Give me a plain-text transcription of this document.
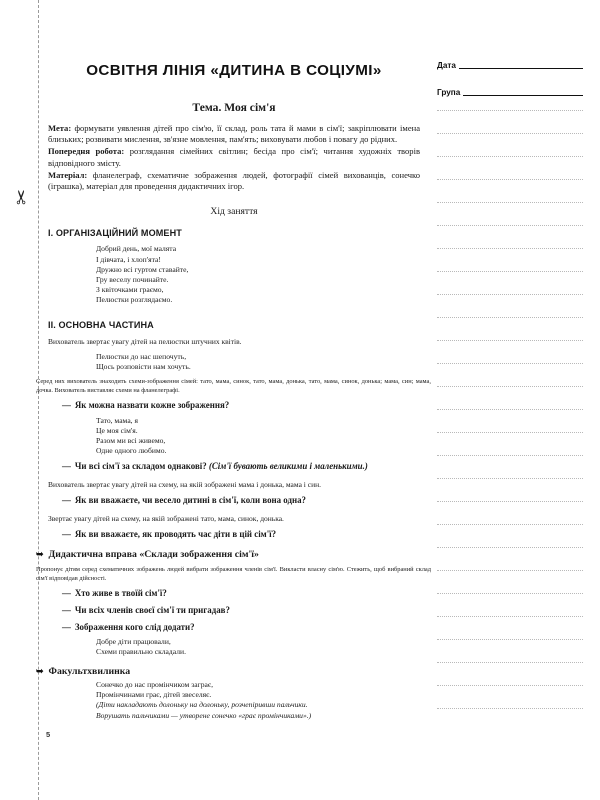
✂
ОСВІТНЯ ЛІНІЯ «ДИТИНА В СОЦІУМІ»
Тема. Моя сім'я

Мета: формувати уявлення дітей про сім'ю, її склад, роль тата й мами в сім'ї; закріплювати імена близьких; розвивати мислення, зв'язне мовлення, пам'ять; виховувати любов і повагу до рідних.

Попередня робота: розглядання сімейних світлин; бесіда про сім'ї; читання художніх творів відповідного змісту.

Матеріал: фланелеграф, схематичне зображення людей, фотографії сімей вихованців, сонечко (іграшка), матеріал для проведення дидактичних ігор.

Хід заняття
I. ОРГАНІЗАЦІЙНИЙ МОМЕНТ
Добрий день, мої малята
І дівчата, і хлоп'ята!
Дружно всі гуртом ставайте,
Гру веселу починайте.
З квіточками граємо,
Пелюстки розглядаємо.
II. ОСНОВНА ЧАСТИНА

Вихователь звертає увагу дітей на пелюстки штучних квітів.

Пелюстки до нас шепочуть,
Щось розповісти нам хочуть.

Серед них вихователь знаходить схеми-зображення сімей: тато, мама, синок, тато, мама, донька, тато, мама, синок, донька; мама, син; мама, дочка. Вихователь виставляє схеми на фланелеграфі.

— Як можна назвати кожне зображення?

Тато, мама, я
Це моя сім'я.
Разом ми всі живемо,
Одне одного любимо.

— Чи всі сім'ї за складом однакові? (Сім'ї бувають великими і маленькими.)

Вихователь звертає увагу дітей на схему, на якій зображені мама і донька, мама і син.

— Як ви вважаєте, чи весело дитині в сім'ї, коли вона одна?

Звертає увагу дітей на схему, на якій зображені тато, мама, синок, донька.

— Як ви вважаєте, як проводять час діти в цій сім'ї?

➥ Дидактична вправа «Склади зображення сім'ї»

Пропонує дітям серед схематичних зображень людей вибрати зображення членів сім'ї. Викласти власну сім'ю. Стежить, щоб вибраний склад сім'ї відповідав дійсності.

— Хто живе в твоїй сім'ї?

— Чи всіх членів своєї сім'ї ти пригадав?

— Зображення кого слід додати?

Добре діти працювали,
Схеми правильно складали.
➥ Факультхвилинка
Сонечко до нас промінчиком заграє,
Промінчинами грає, дітей звеселяє.
(Діти накладають долоньку на долоньку, розчепіривши пальчики.
Ворушать пальчиками — утворене сонечко «грає промінчиками».)
Дата
Група
5
